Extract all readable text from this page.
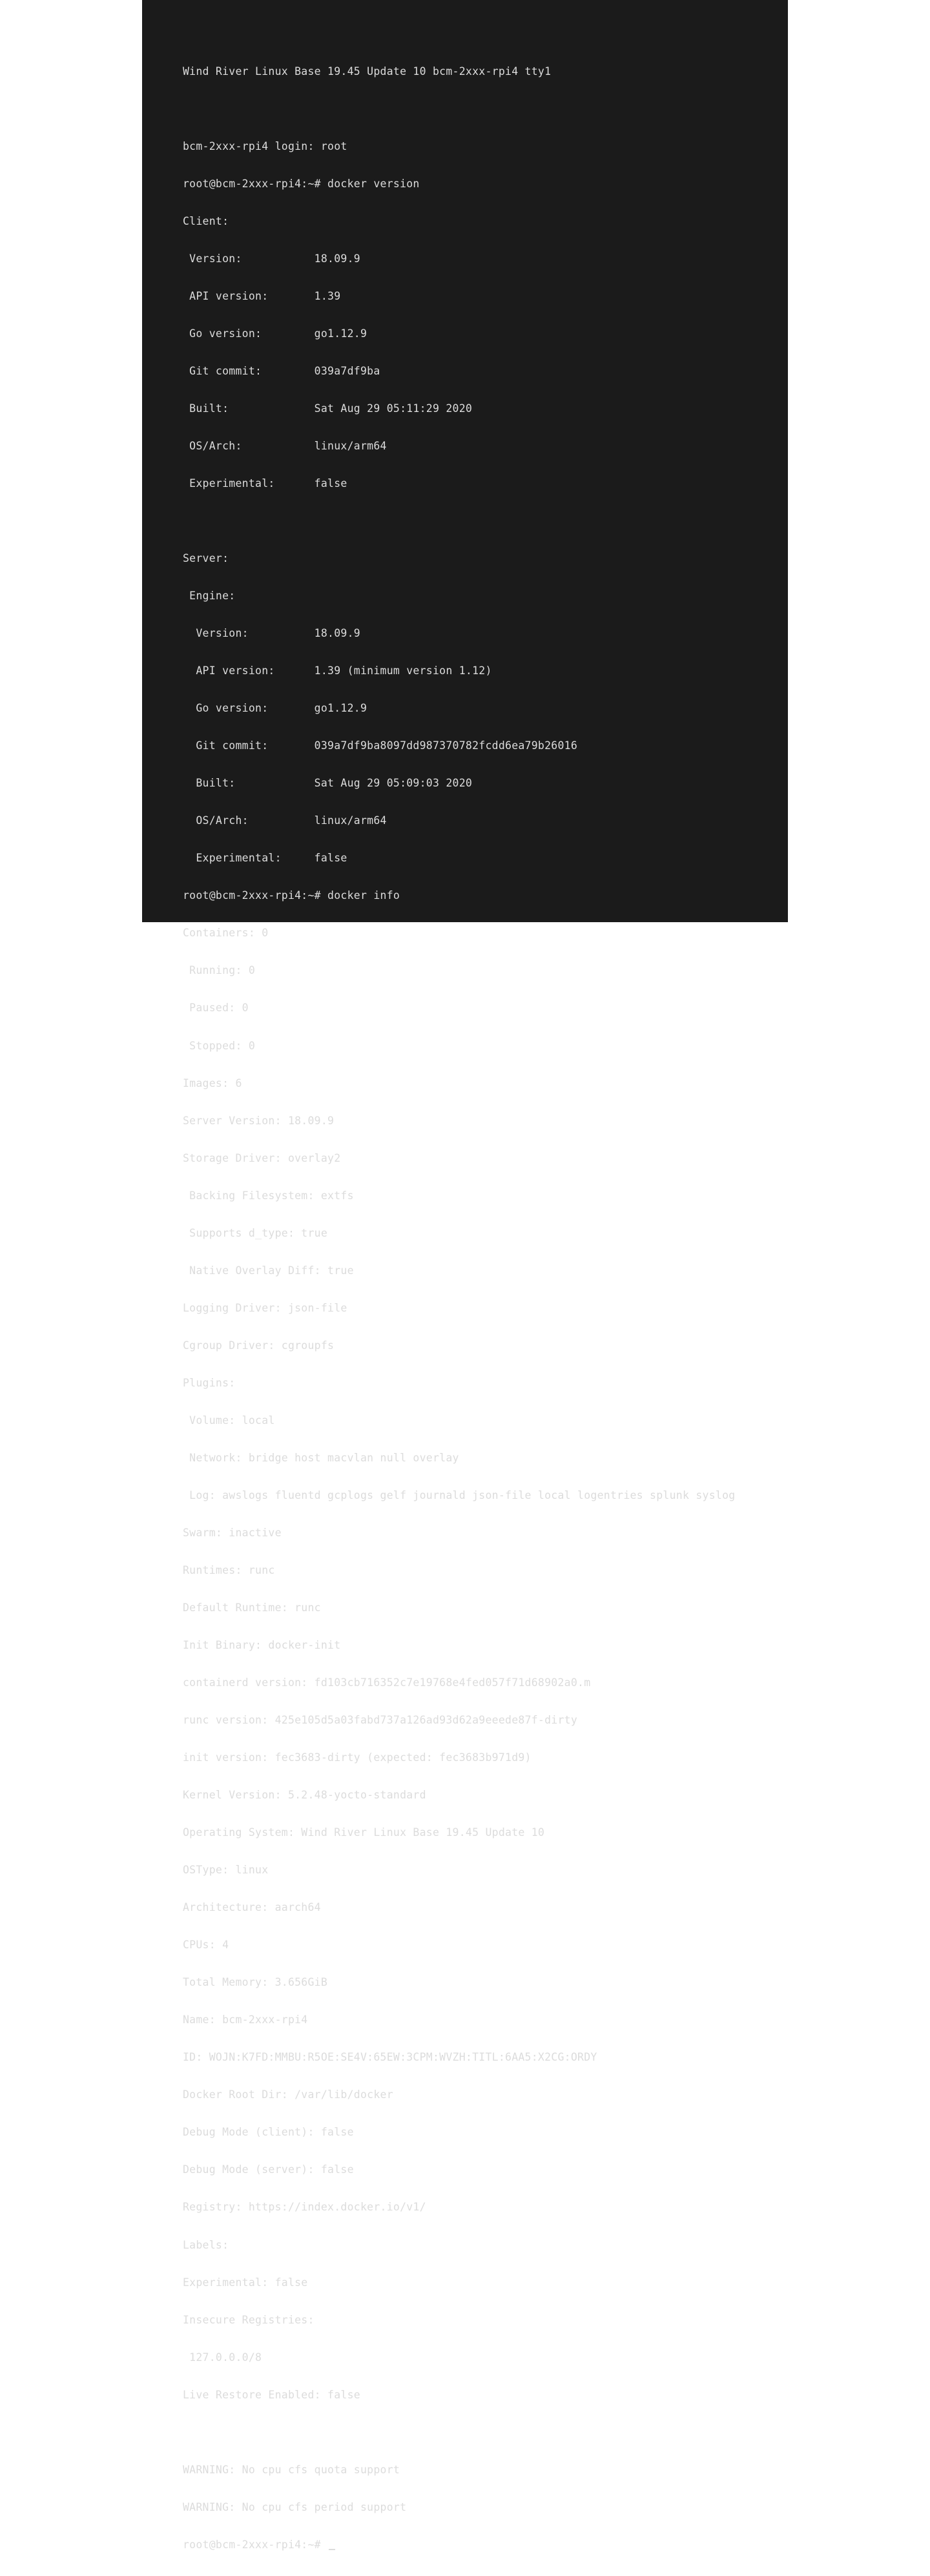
Wind River Linux Base 19.45 Update 10 bcm-2xxx-rpi4 tty1

bcm-2xxx-rpi4 login: root

root@bcm-2xxx-rpi4:~# docker version

Client:

Version:           18.09.9

API version:       1.39

Go version:        go1.12.9

Git commit:        039a7df9ba

Built:             Sat Aug 29 05:11:29 2020

OS/Arch:           linux/arm64

Experimental:      false

Server:

Engine:

Version:          18.09.9

API version:      1.39 (minimum version 1.12)

Go version:       go1.12.9

Git commit:       039a7df9ba8097dd987370782fcdd6ea79b26016

Built:            Sat Aug 29 05:09:03 2020

OS/Arch:          linux/arm64

Experimental:     false

root@bcm-2xxx-rpi4:~# docker info

Containers: 0

Running: 0

Paused: 0

Stopped: 0

Images: 6

Server Version: 18.09.9

Storage Driver: overlay2

Backing Filesystem: extfs

Supports d_type: true

Native Overlay Diff: true

Logging Driver: json-file

Cgroup Driver: cgroupfs

Plugins:

Volume: local

Network: bridge host macvlan null overlay

Log: awslogs fluentd gcplogs gelf journald json-file local logentries splunk syslog

Swarm: inactive

Runtimes: runc

Default Runtime: runc

Init Binary: docker-init

containerd version: fd103cb716352c7e19768e4fed057f71d68902a0.m

runc version: 425e105d5a03fabd737a126ad93d62a9eeede87f-dirty

init version: fec3683-dirty (expected: fec3683b971d9)

Kernel Version: 5.2.48-yocto-standard

Operating System: Wind River Linux Base 19.45 Update 10

OSType: linux

Architecture: aarch64

CPUs: 4

Total Memory: 3.656GiB

Name: bcm-2xxx-rpi4

ID: WOJN:K7FD:MMBU:R5OE:SE4V:65EW:3CPM:WVZH:TITL:6AA5:X2CG:ORDY

Docker Root Dir: /var/lib/docker

Debug Mode (client): false

Debug Mode (server): false

Registry: https://index.docker.io/v1/

Labels:

Experimental: false

Insecure Registries:

127.0.0.0/8

Live Restore Enabled: false

WARNING: No cpu cfs quota support

WARNING: No cpu cfs period support

root@bcm-2xxx-rpi4:~#
